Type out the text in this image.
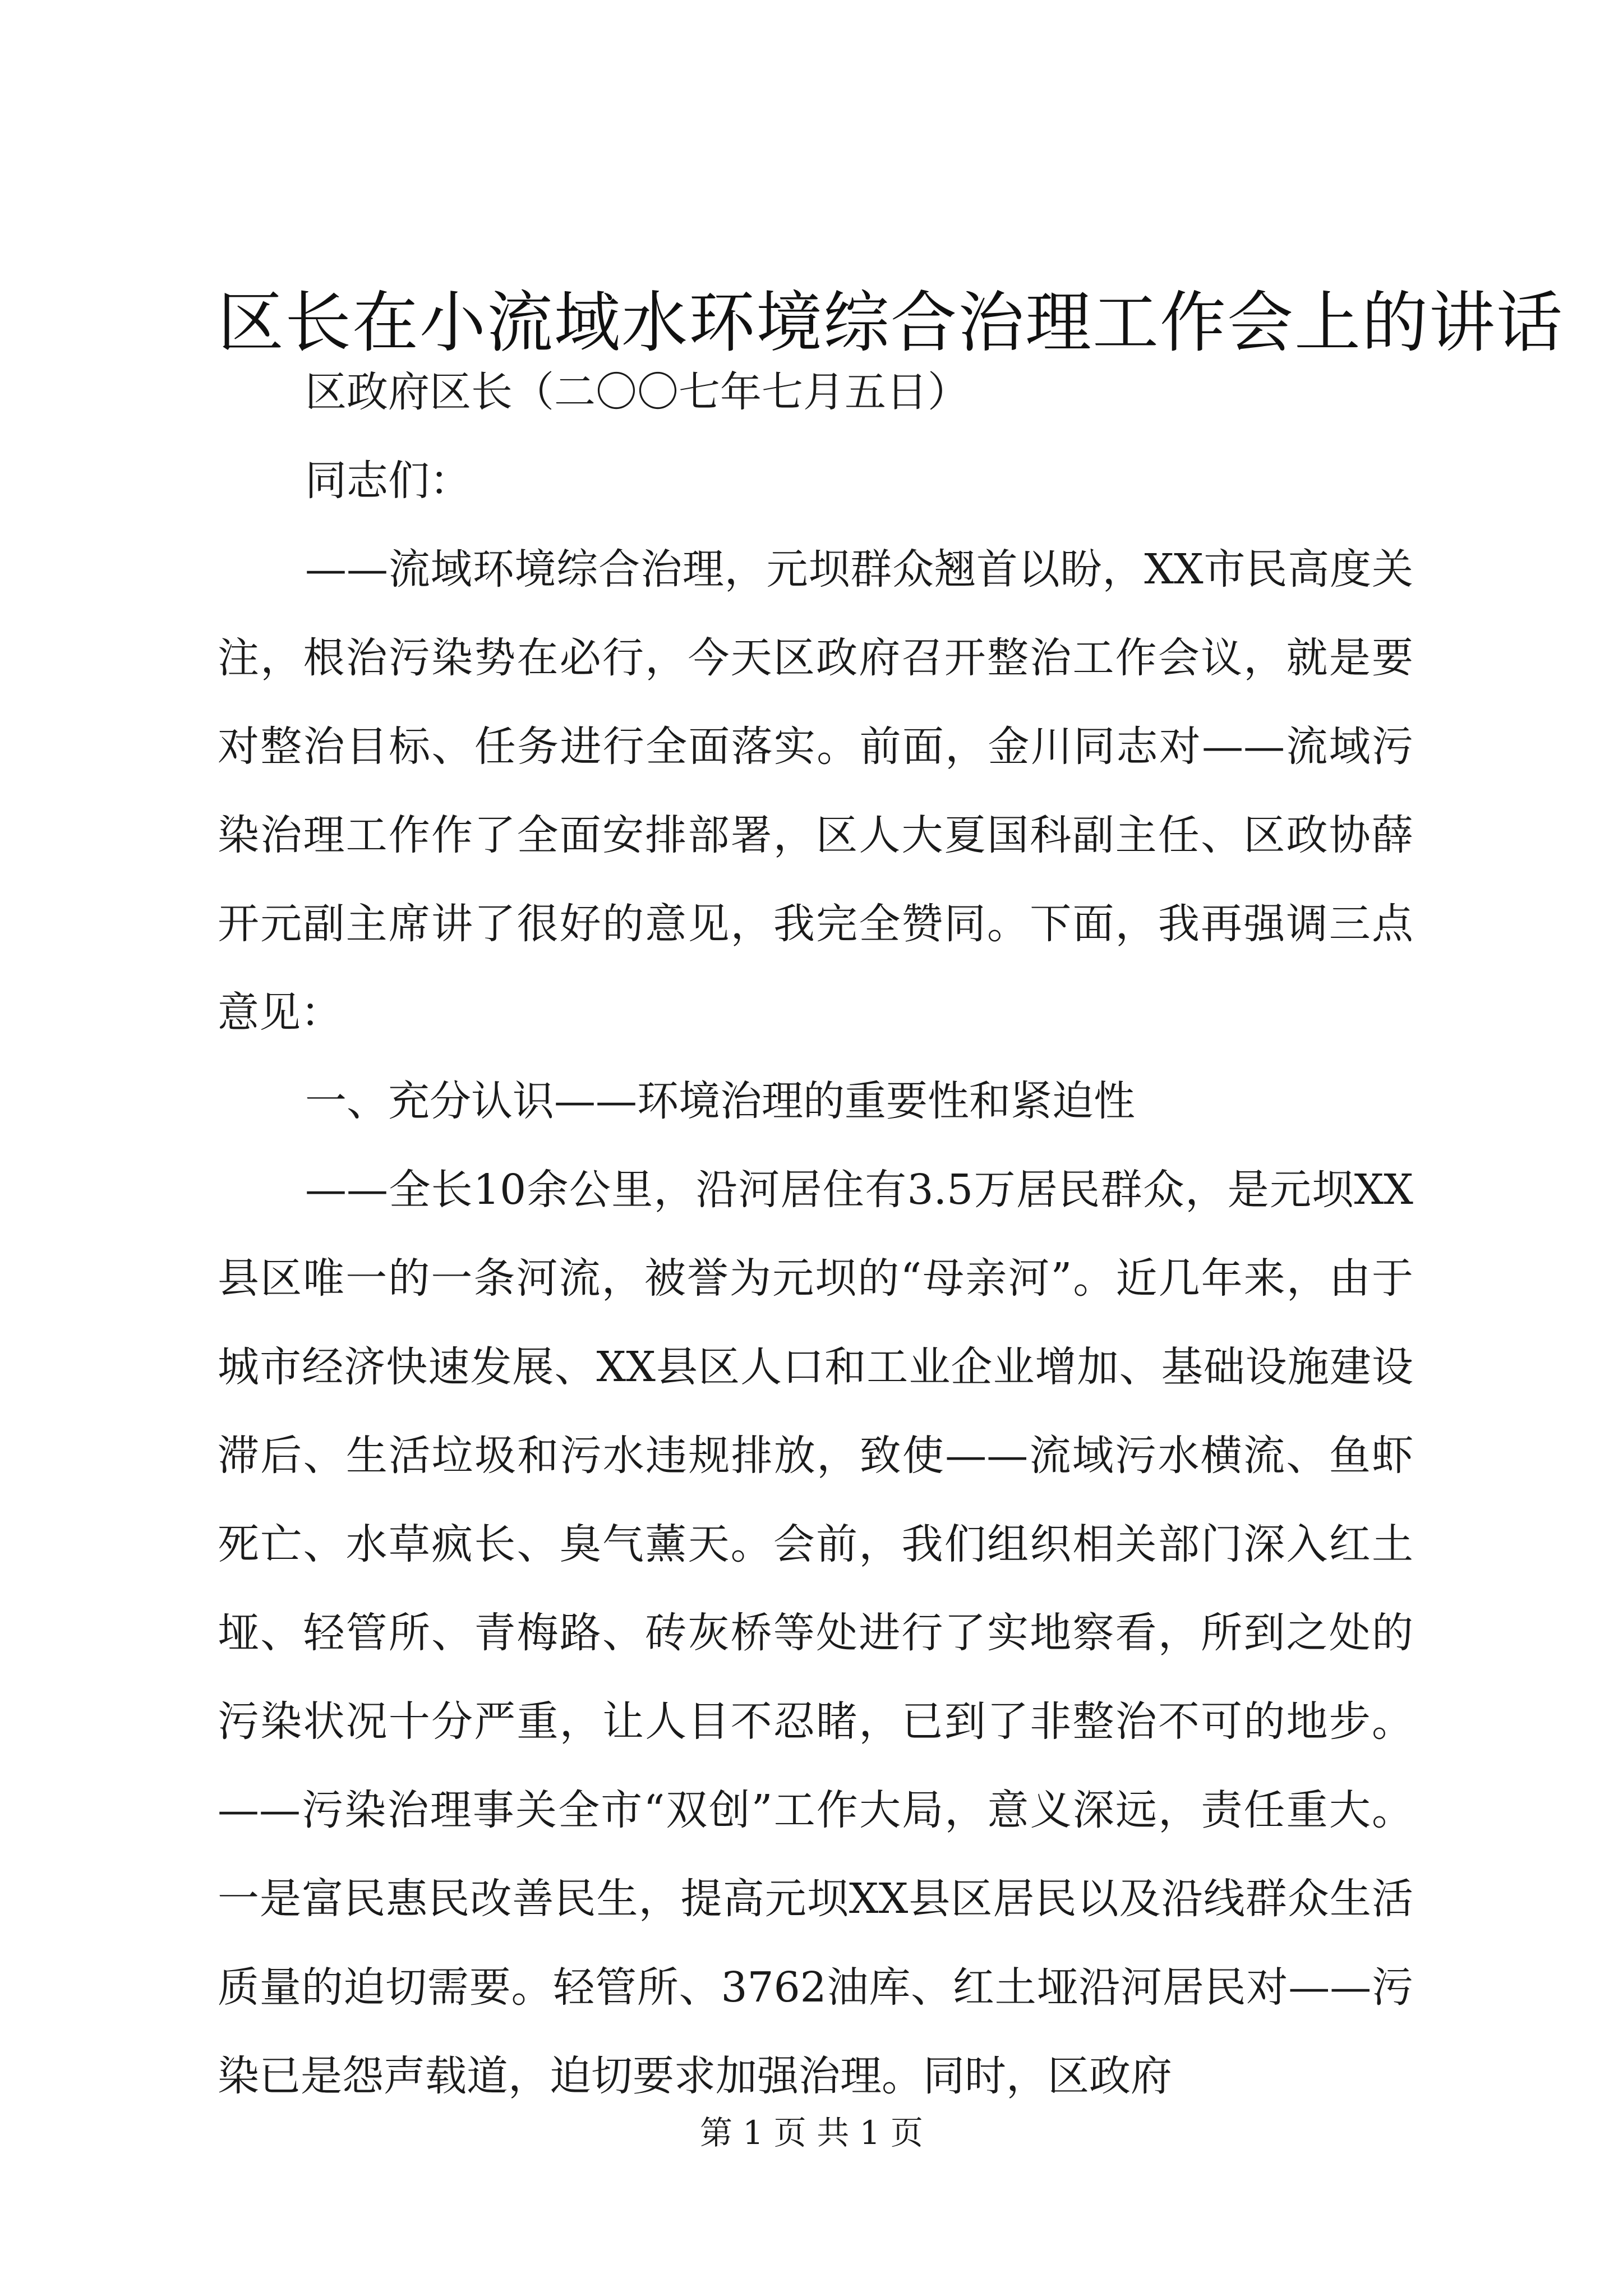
区长在小流域水环境综合治理工作会上的讲话

区政府区长（二〇〇七年七月五日）

同志们：

——流域环境综合治理，元坝群众翘首以盼，XX市民高度关注，根治污染势在必行，今天区政府召开整治工作会议，就是要对整治目标、任务进行全面落实。前面，金川同志对——流域污染治理工作作了全面安排部署，区人大夏国科副主任、区政协薛开元副主席讲了很好的意见，我完全赞同。下面，我再强调三点意见：

一、充分认识——环境治理的重要性和紧迫性

——全长10余公里，沿河居住有3.5万居民群众，是元坝XX县区唯一的一条河流，被誉为元坝的“母亲河”。近几年来，由于城市经济快速发展、XX县区人口和工业企业增加、基础设施建设滞后、生活垃圾和污水违规排放，致使——流域污水横流、鱼虾死亡、水草疯长、臭气薰天。会前，我们组织相关部门深入红土垭、轻管所、青梅路、砖灰桥等处进行了实地察看，所到之处的污染状况十分严重，让人目不忍睹，已到了非整治不可的地步。——污染治理事关全市“双创”工作大局，意义深远，责任重大。一是富民惠民改善民生，提高元坝XX县区居民以及沿线群众生活质量的迫切需要。轻管所、3762油库、红土垭沿河居民对——污染已是怨声载道，迫切要求加强治理。同时，区政府

第 1 页 共 1 页
